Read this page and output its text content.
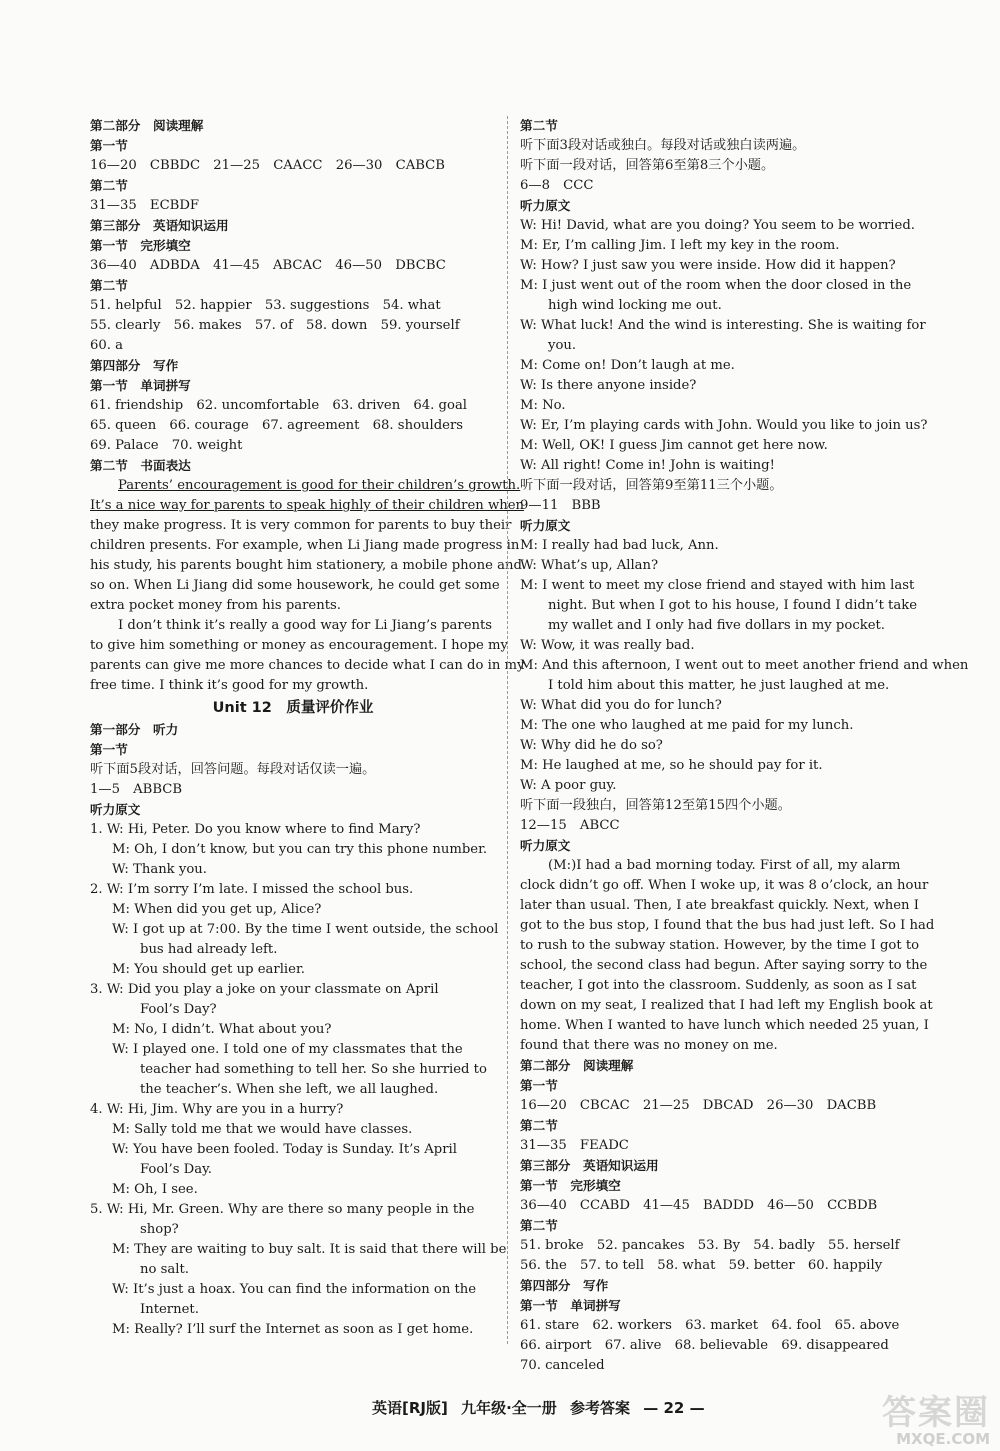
第二部分　阅读理解
第一节
16—20　CBBDC　21—25　CAACC　26—30　CABCB
第二节
31—35　ECBDF
第三部分　英语知识运用
第一节　完形填空
36—40　ADBDA　41—45　ABCAC　46—50　DBCBC
第二节
51. helpful　52. happier　53. suggestions　54. what
55. clearly　56. makes　57. of　58. down　59. yourself
60. a
第四部分　写作
第一节　单词拼写
61. friendship　62. uncomfortable　63. driven　64. goal
65. queen　66. courage　67. agreement　68. shoulders
69. Palace　70. weight
第二节　书面表达
Parents’ encouragement is good for their children’s growth.
It’s a nice way for parents to speak highly of their children when
they make progress. It is very common for parents to buy their
children presents. For example, when Li Jiang made progress in
his study, his parents bought him stationery, a mobile phone and
so on. When Li Jiang did some housework, he could get some
extra pocket money from his parents.
I don’t think it’s really a good way for Li Jiang’s parents
to give him something or money as encouragement. I hope my
parents can give me more chances to decide what I can do in my
free time. I think it’s good for my growth.
Unit 12　质量评价作业
第一部分　听力
第一节
听下面5段对话，回答问题。每段对话仅读一遍。
1—5　ABBCB
听力原文
1. W: Hi, Peter. Do you know where to find Mary?
M: Oh, I don’t know, but you can try this phone number.
W: Thank you.
2. W: I’m sorry I’m late. I missed the school bus.
M: When did you get up, Alice?
W: I got up at 7:00. By the time I went outside, the school
bus had already left.
M: You should get up earlier.
3. W: Did you play a joke on your classmate on April
Fool’s Day?
M: No, I didn’t. What about you?
W: I played one. I told one of my classmates that the
teacher had something to tell her. So she hurried to
the teacher’s. When she left, we all laughed.
4. W: Hi, Jim. Why are you in a hurry?
M: Sally told me that we would have classes.
W: You have been fooled. Today is Sunday. It’s April
Fool’s Day.
M: Oh, I see.
5. W: Hi, Mr. Green. Why are there so many people in the
shop?
M: They are waiting to buy salt. It is said that there will be
no salt.
W: It’s just a hoax. You can find the information on the
Internet.
M: Really? I’ll surf the Internet as soon as I get home.
第二节
听下面3段对话或独白。每段对话或独白读两遍。
听下面一段对话，回答第6至第8三个小题。
6—8　CCC
听力原文
W: Hi! David, what are you doing? You seem to be worried.
M: Er, I’m calling Jim. I left my key in the room.
W: How? I just saw you were inside. How did it happen?
M: I just went out of the room when the door closed in the
high wind locking me out.
W: What luck! And the wind is interesting. She is waiting for
you.
M: Come on! Don’t laugh at me.
W: Is there anyone inside?
M: No.
W: Er, I’m playing cards with John. Would you like to join us?
M: Well, OK! I guess Jim cannot get here now.
W: All right! Come in! John is waiting!
听下面一段对话，回答第9至第11三个小题。
9—11　BBB
听力原文
M: I really had bad luck, Ann.
W: What’s up, Allan?
M: I went to meet my close friend and stayed with him last
night. But when I got to his house, I found I didn’t take
my wallet and I only had five dollars in my pocket.
W: Wow, it was really bad.
M: And this afternoon, I went out to meet another friend and when
I told him about this matter, he just laughed at me.
W: What did you do for lunch?
M: The one who laughed at me paid for my lunch.
W: Why did he do so?
M: He laughed at me, so he should pay for it.
W: A poor guy.
听下面一段独白，回答第12至第15四个小题。
12—15　ABCC
听力原文
(M:)I had a bad morning today. First of all, my alarm
clock didn’t go off. When I woke up, it was 8 o’clock, an hour
later than usual. Then, I ate breakfast quickly. Next, when I
got to the bus stop, I found that the bus had just left. So I had
to rush to the subway station. However, by the time I got to
school, the second class had begun. After saying sorry to the
teacher, I got into the classroom. Suddenly, as soon as I sat
down on my seat, I realized that I had left my English book at
home. When I wanted to have lunch which needed 25 yuan, I
found that there was no money on me.
第二部分　阅读理解
第一节
16—20　CBCAC　21—25　DBCAD　26—30　DACBB
第二节
31—35　FEADC
第三部分　英语知识运用
第一节　完形填空
36—40　CCABD　41—45　BADDD　46—50　CCBDB
第二节
51. broke　52. pancakes　53. By　54. badly　55. herself
56. the　57. to tell　58. what　59. better　60. happily
第四部分　写作
第一节　单词拼写
61. stare　62. workers　63. market　64. fool　65. above
66. airport　67. alive　68. believable　69. disappeared
70. canceled
英语[RJ版] 九年级·全一册 参考答案 — 22 —	答案圈
MXQE.COM
